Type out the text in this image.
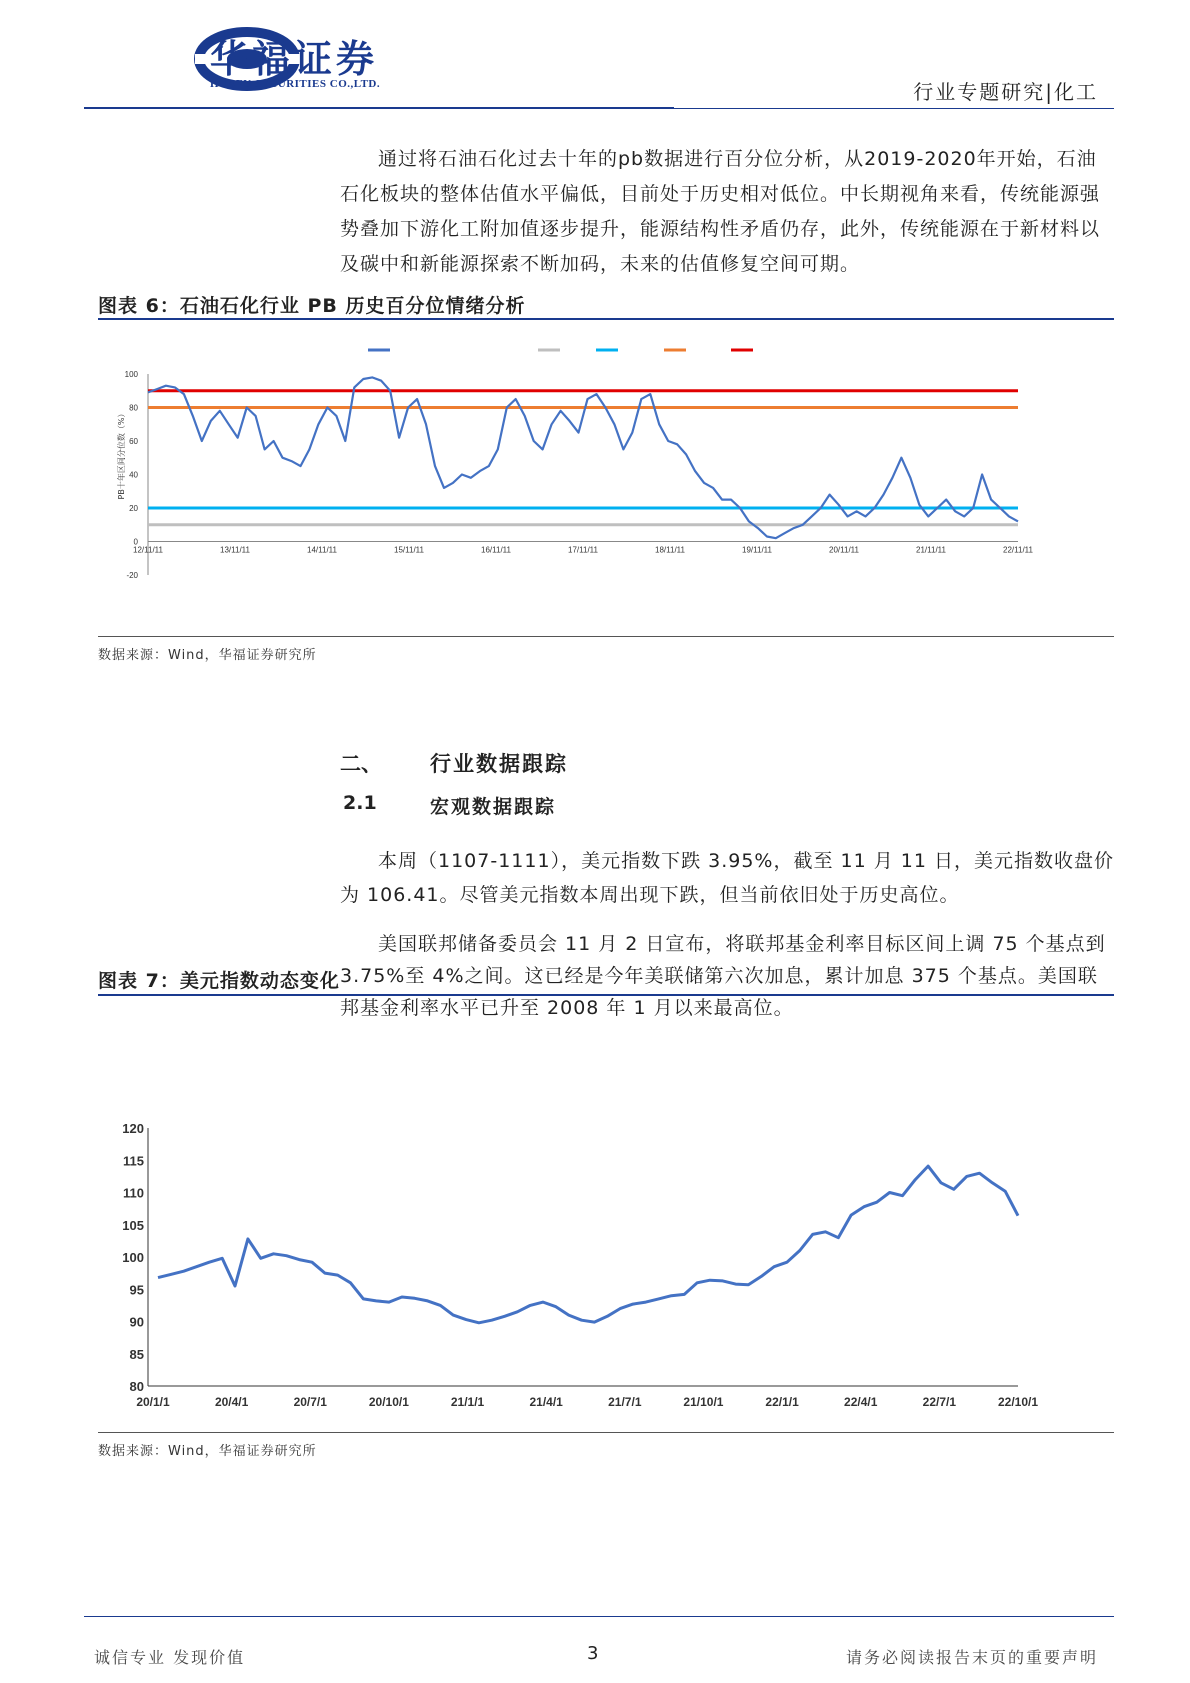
华福证券
HUAFU SECURITIES CO.,LTD.	行业专题研究|化工
通过将石油石化过去十年的pb数据进行百分位分析，从2019-2020年开始，石油石化板块的整体估值水平偏低，目前处于历史相对低位。中长期视角来看，传统能源强势叠加下游化工附加值逐步提升，能源结构性矛盾仍存，此外，传统能源在于新材料以及碳中和新能源探索不断加码，未来的估值修复空间可期。
图表 6：石油石化行业 PB 历史百分位情绪分析
-20
0
20
40
60
80
100
PB十年区间分位数（%）
12/11/11	13/11/11	14/11/11	15/11/11	16/11/11	17/11/11	18/11/11	19/11/11	20/11/11	21/11/11	22/11/11
数据来源：Wind，华福证券研究所
二、 行业数据跟踪
2.1	宏观数据跟踪
本周（1107-1111），美元指数下跌 3.95%，截至 11 月 11 日，美元指数收盘价为 106.41。尽管美元指数本周出现下跌，但当前依旧处于历史高位。
美国联邦储备委员会 11 月 2 日宣布，将联邦基金利率目标区间上调 75 个基点到 3.75%至 4%之间。这已经是今年美联储第六次加息，累计加息 375 个基点。美国联邦基金利率水平已升至 2008 年 1 月以来最高位。
图表 7：美元指数动态变化
80
85
90
95
100
105
110
115
120
20/1/1	20/4/1	20/7/1	20/10/1	21/1/1	21/4/1	21/7/1	21/10/1	22/1/1	22/4/1	22/7/1	22/10/1
数据来源：Wind，华福证券研究所
诚信专业 发现价值	3	请务必阅读报告末页的重要声明
